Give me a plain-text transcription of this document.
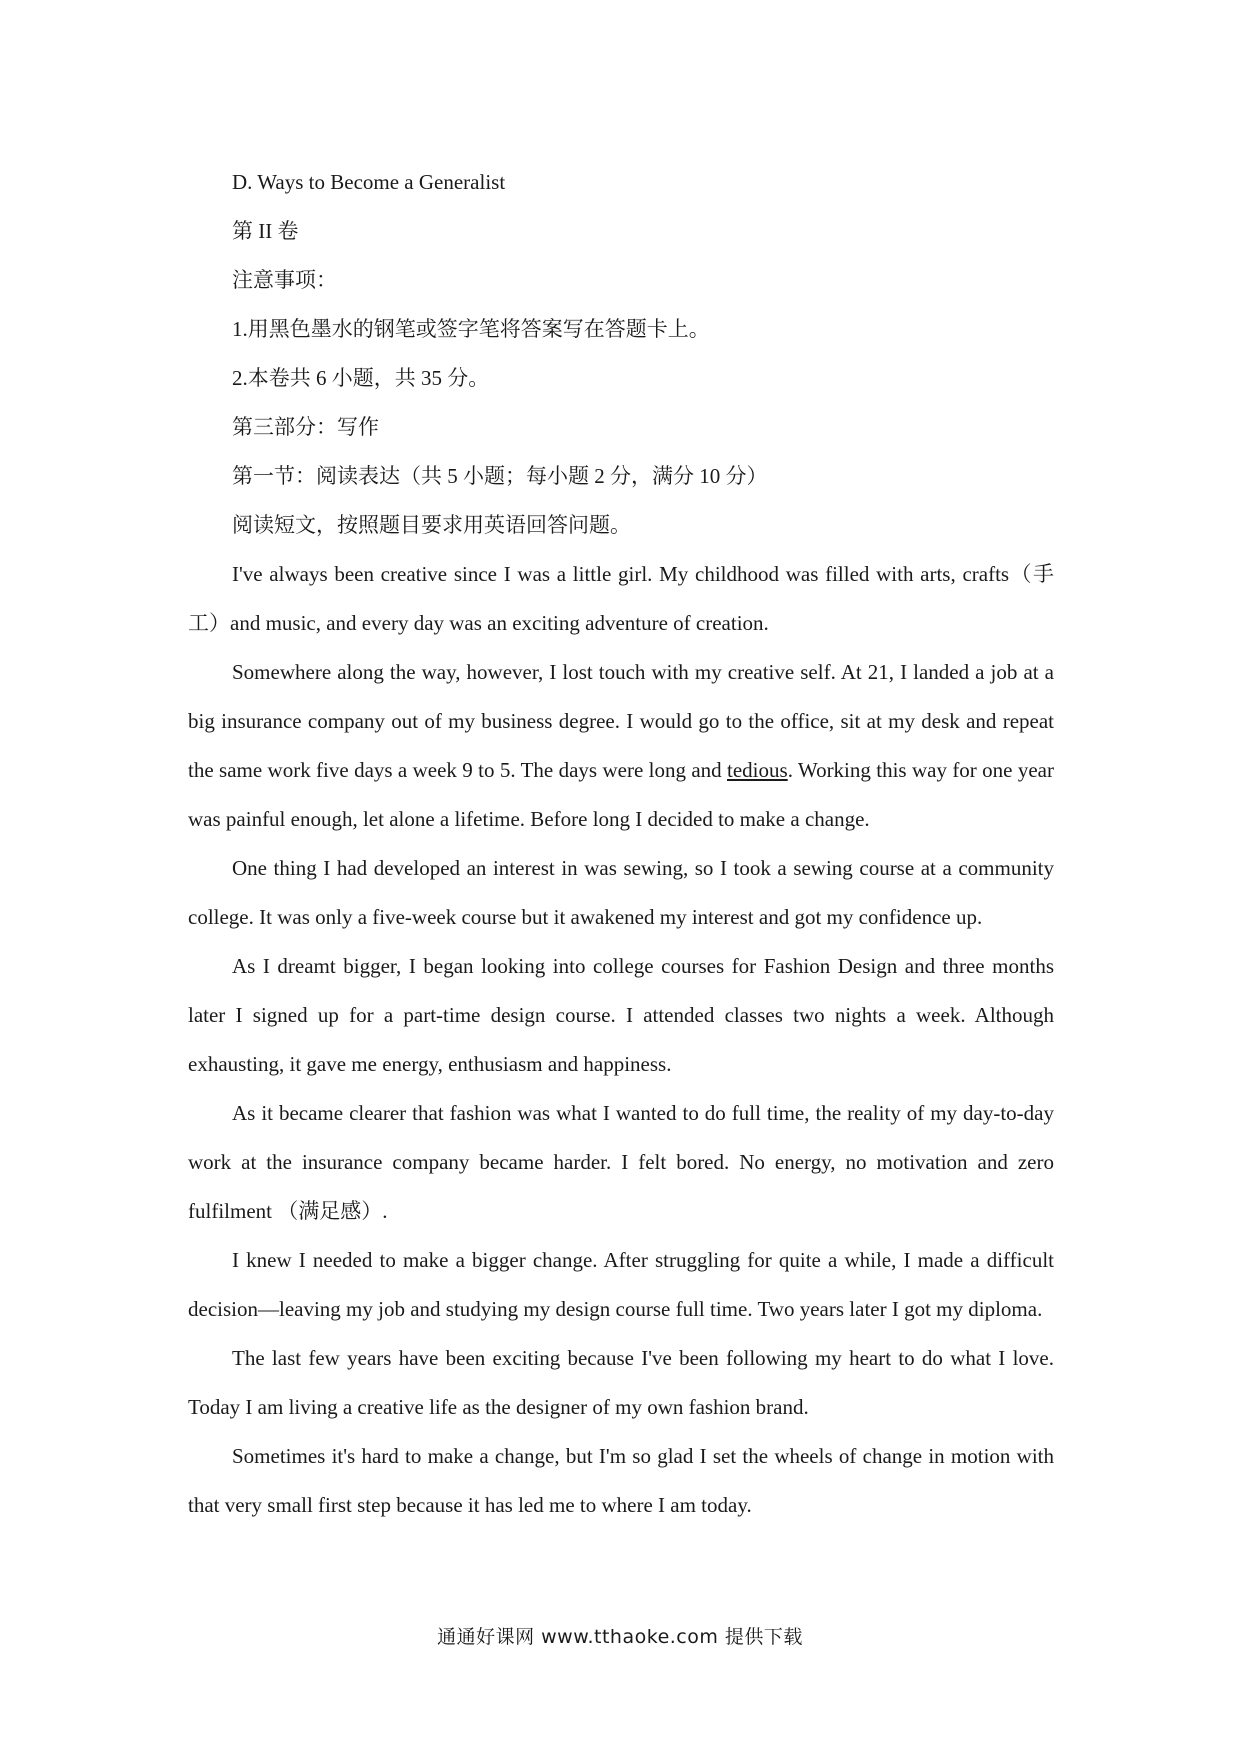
D. Ways to Become a Generalist

第 II 卷

注意事项：

1.用黑色墨水的钢笔或签字笔将答案写在答题卡上。

2.本卷共 6 小题，共 35 分。

第三部分：写作

第一节：阅读表达（共 5 小题；每小题 2 分，满分 10 分）

阅读短文，按照题目要求用英语回答问题。

I've always been creative since I was a little girl. My childhood was filled with arts, crafts（手工）and music, and every day was an exciting adventure of creation.

Somewhere along the way, however, I lost touch with my creative self. At 21, I landed a job at a big insurance company out of my business degree. I would go to the office, sit at my desk and repeat the same work five days a week 9 to 5. The days were long and tedious. Working this way for one year was painful enough, let alone a lifetime. Before long I decided to make a change.

One thing I had developed an interest in was sewing, so I took a sewing course at a community college. It was only a five-week course but it awakened my interest and got my confidence up.

As I dreamt bigger, I began looking into college courses for Fashion Design and three months later I signed up for a part-time design course. I attended classes two nights a week. Although exhausting, it gave me energy, enthusiasm and happiness.

As it became clearer that fashion was what I wanted to do full time, the reality of my day-to-day work at the insurance company became harder. I felt bored. No energy, no motivation and zero fulfilment （满足感）.

I knew I needed to make a bigger change. After struggling for quite a while, I made a difficult decision—leaving my job and studying my design course full time. Two years later I got my diploma.

The last few years have been exciting because I've been following my heart to do what I love. Today I am living a creative life as the designer of my own fashion brand.

Sometimes it's hard to make a change, but I'm so glad I set the wheels of change in motion with that very small first step because it has led me to where I am today.

通通好课网 www.tthaoke.com 提供下载
